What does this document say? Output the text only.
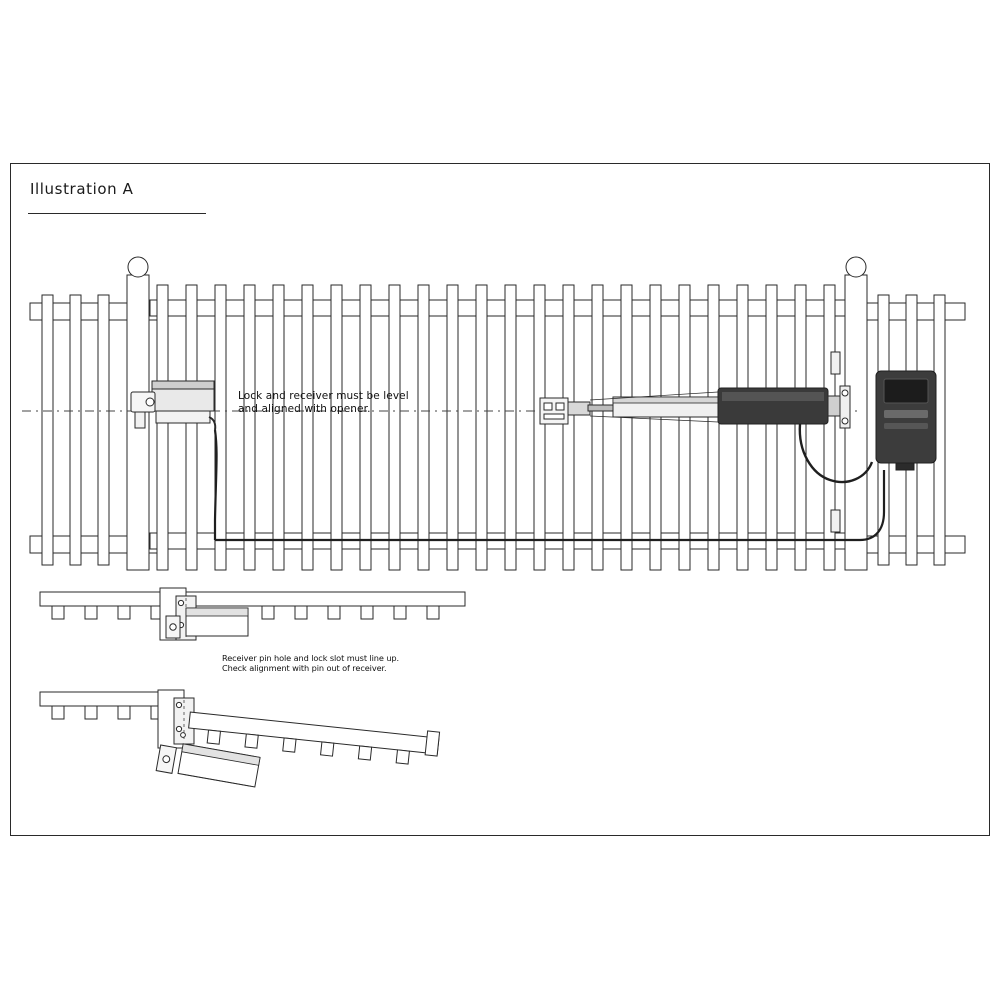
Illustration A
Lock and receiver must be level
and aligned with opener.
Receiver pin hole and lock slot must line up.
Check alignment with pin out of receiver.
